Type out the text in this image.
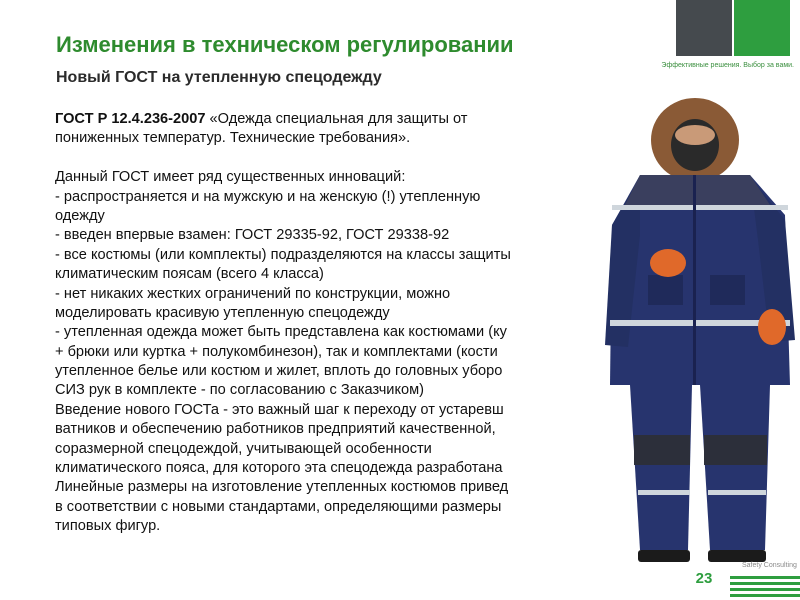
Эффективные решения. Выбор за вами.
Изменения в техническом регулировании
Новый ГОСТ на утепленную спецодежду
ГОСТ Р 12.4.236-2007 «Одежда специальная для защиты от
пониженных температур. Технические требования».
Данный ГОСТ имеет ряд существенных инноваций:
- распространяется и на мужскую и на женскую (!) утепленную
одежду
- введен впервые взамен: ГОСТ 29335-92, ГОСТ 29338-92
- все костюмы (или комплекты) подразделяются на классы защиты
климатическим поясам (всего 4 класса)
- нет никаких жестких ограничений по конструкции, можно
моделировать красивую утепленную спецодежду
- утепленная одежда может быть представлена как костюмами (ку
+ брюки или куртка + полукомбинезон), так и комплектами (кости
утепленное белье или костюм и жилет, вплоть до головных уборо
СИЗ рук в комплекте - по согласованию с Заказчиком)
Введение нового ГОСТа - это важный шаг к переходу от устаревш
ватников и обеспечению работников предприятий качественной,
соразмерной спецодеждой, учитывающей особенности
климатического пояса, для которого эта спецодежда разработана
Линейные размеры на изготовление утепленных костюмов привед
в соответствии с новыми стандартами, определяющими размеры
типовых фигур.
Safety Consulting
23
